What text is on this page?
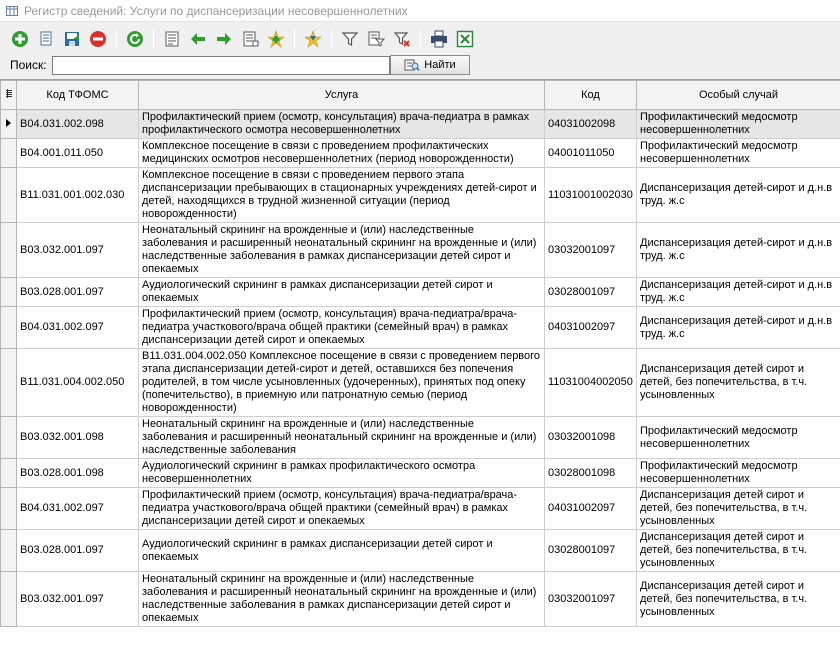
Регистр сведений: Услуги по диспансеризации несовершеннолетних
Поиск:	Найти
	Код ТФОМС	Услуга	Код	Особый случай
	B04.031.002.098	Профилактический прием (осмотр, консультация) врача-педиатра в рамках профилактического осмотра несовершеннолетних	04031002098	Профилактический медосмотр несовершеннолетних
	B04.001.011.050	Комплексное посещение в связи с проведением профилактических медицинских осмотров несовершеннолетних (период новорожденности)	04001011050	Профилактический медосмотр несовершеннолетних
	B11.031.001.002.030	Комплексное посещение в связи с проведением первого этапа диспансеризации пребывающих в стационарных учреждениях детей-сирот и детей, находящихся в трудной жизненной ситуации (период новорожденности)	11031001002030	Диспансеризация детей-сирот и д.н.в труд. ж.с
	B03.032.001.097	Неонатальный скрининг на врожденные и (или) наследственные заболевания и расширенный неонатальный скрининг на врожденные и (или) наследственные заболевания в рамках диспансеризации детей сирот и опекаемых	03032001097	Диспансеризация детей-сирот и д.н.в труд. ж.с
	B03.028.001.097	Аудиологический скрининг в рамках диспансеризации детей сирот и опекаемых	03028001097	Диспансеризация детей-сирот и д.н.в труд. ж.с
	B04.031.002.097	Профилактический прием (осмотр, консультация) врача-педиатра/врача-педиатра участкового/врача общей практики (семейный врач) в рамках диспансеризации детей сирот и опекаемых	04031002097	Диспансеризация детей-сирот и д.н.в труд. ж.с
	B11.031.004.002.050	В11.031.004.002.050 Комплексное посещение в связи с проведением первого этапа диспансеризации детей-сирот и детей, оставшихся без попечения родителей, в том числе усыновленных (удочеренных), принятых под опеку (попечительство), в приемную или патронатную семью (период новорожденности)	11031004002050	Диспансеризация детей сирот и детей, без попечительства, в т.ч. усыновленных
	B03.032.001.098	Неонатальный скрининг на врожденные и (или) наследственные заболевания и расширенный неонатальный скрининг на врожденные и (или) наследственные заболевания	03032001098	Профилактический медосмотр несовершеннолетних
	B03.028.001.098	Аудиологический скрининг в рамках профилактического осмотра несовершеннолетних	03028001098	Профилактический медосмотр несовершеннолетних
	B04.031.002.097	Профилактический прием (осмотр, консультация) врача-педиатра/врача-педиатра участкового/врача общей практики (семейный врач) в рамках диспансеризации детей сирот и опекаемых	04031002097	Диспансеризация детей сирот и детей, без попечительства, в т.ч. усыновленных
	B03.028.001.097	Аудиологический скрининг в рамках диспансеризации детей сирот и опекаемых	03028001097	Диспансеризация детей сирот и детей, без попечительства, в т.ч. усыновленных
	B03.032.001.097	Неонатальный скрининг на врожденные и (или) наследственные заболевания и расширенный неонатальный скрининг на врожденные и (или) наследственные заболевания в рамках диспансеризации детей сирот и опекаемых	03032001097	Диспансеризация детей сирот и детей, без попечительства, в т.ч. усыновленных
